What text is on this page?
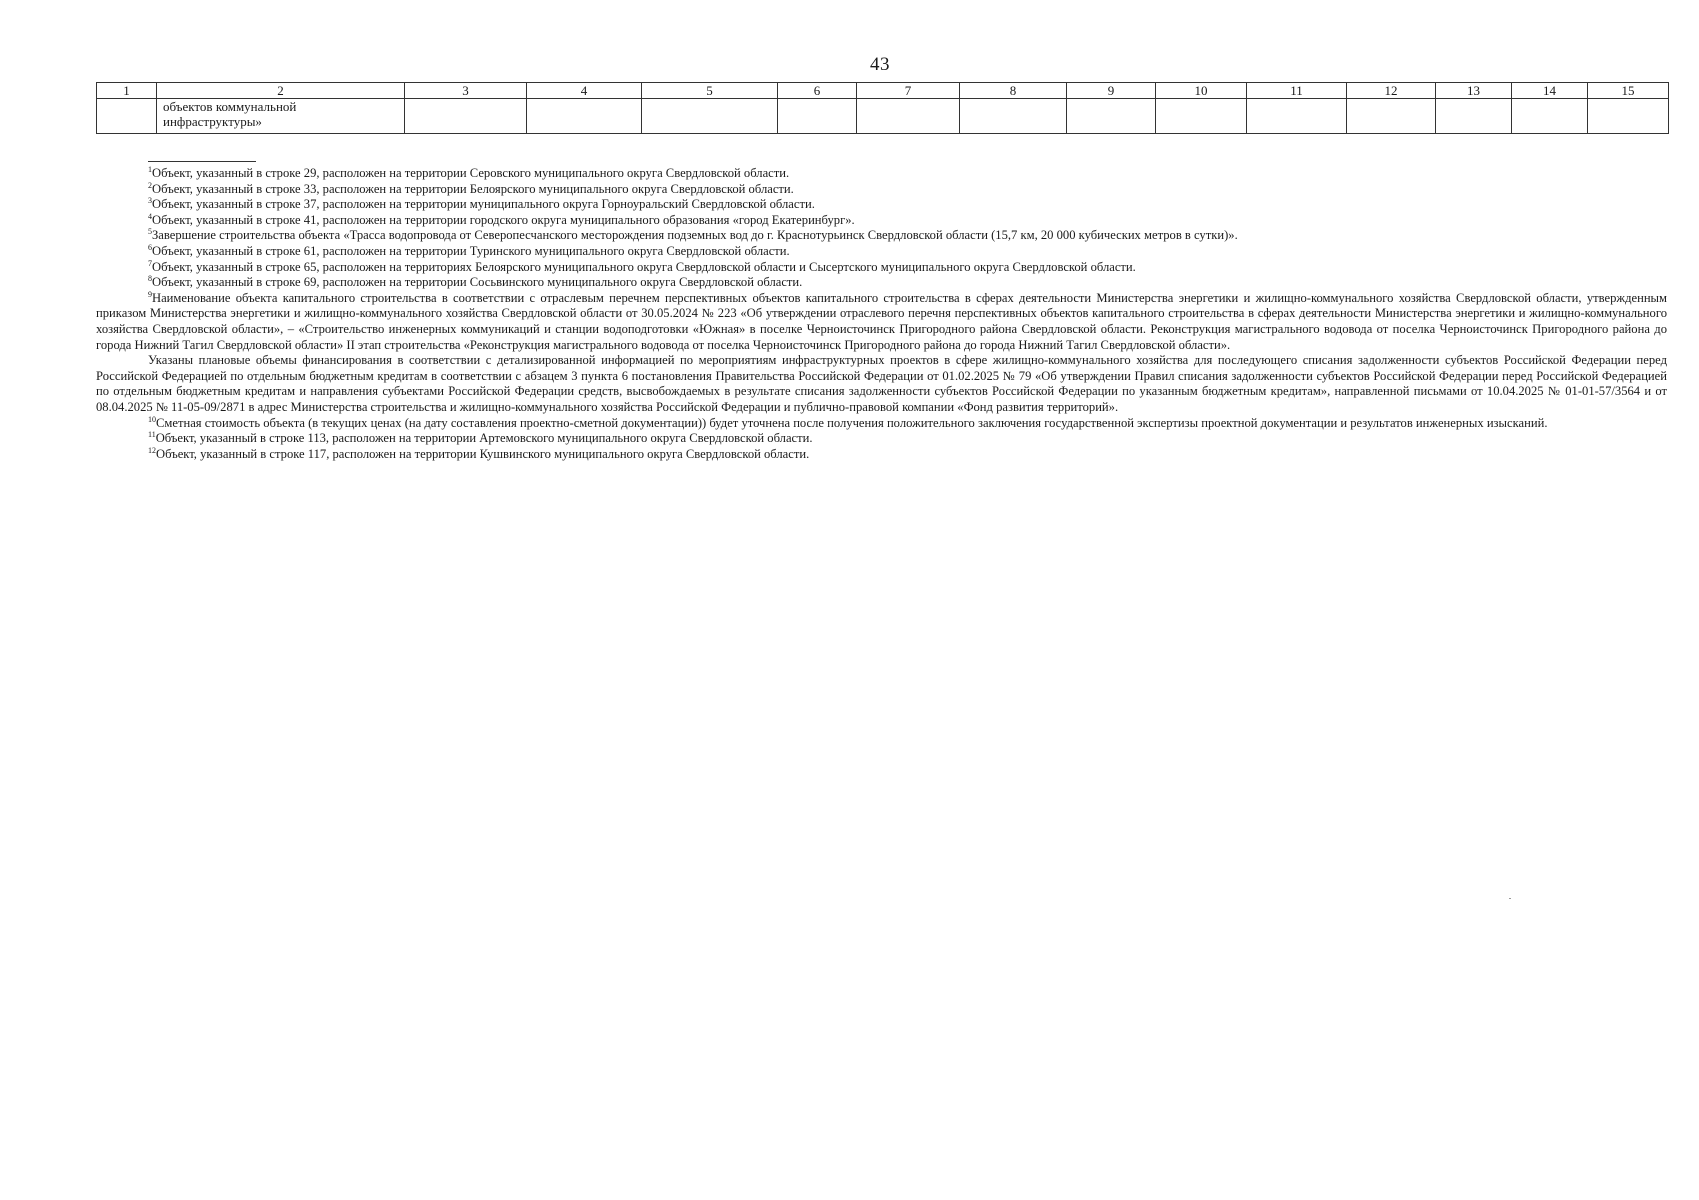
43
1	2	3	4	5	6	7	8	9	10	11	12	13	14	15
	объектов коммунальной инфраструктуры»													

$^1$Объект, указанный в строке 29, расположен на территории Серовского муниципального округа Свердловской области.

$^2$Объект, указанный в строке 33, расположен на территории Белоярского муниципального округа Свердловской области.

$^3$Объект, указанный в строке 37, расположен на территории муниципального округа Горноуральский Свердловской области.

$^4$Объект, указанный в строке 41, расположен на территории городского округа муниципального образования «город Екатеринбург».

$^5$Завершение строительства объекта «Трасса водопровода от Северопесчанского месторождения подземных вод до г. Краснотурьинск Свердловской области (15,7 км, 20 000 кубических метров в сутки)».

$^6$Объект, указанный в строке 61, расположен на территории Туринского муниципального округа Свердловской области.

$^7$Объект, указанный в строке 65, расположен на территориях Белоярского муниципального округа Свердловской области и Сысертского муниципального округа Свердловской области.

$^8$Объект, указанный в строке 69, расположен на территории Сосьвинского муниципального округа Свердловской области.

$^9$Наименование объекта капитального строительства в соответствии с отраслевым перечнем перспективных объектов капитального строительства в сферах деятельности Министерства энергетики и жилищно-коммунального хозяйства Свердловской области, утвержденным приказом Министерства энергетики и жилищно-коммунального хозяйства Свердловской области от 30.05.2024 № 223 «Об утверждении отраслевого перечня перспективных объектов капитального строительства в сферах деятельности Министерства энергетики и жилищно-коммунального хозяйства Свердловской области», – «Строительство инженерных коммуникаций и станции водоподготовки «Южная» в поселке Черноисточинск Пригородного района Свердловской области. Реконструкция магистрального водовода от поселка Черноисточинск Пригородного района до города Нижний Тагил Свердловской области» II этап строительства «Реконструкция магистрального водовода от поселка Черноисточинск Пригородного района до города Нижний Тагил Свердловской области».

Указаны плановые объемы финансирования в соответствии с детализированной информацией по мероприятиям инфраструктурных проектов в сфере жилищно-коммунального хозяйства для последующего списания задолженности субъектов Российской Федерации перед Российской Федерацией по отдельным бюджетным кредитам в соответствии с абзацем 3 пункта 6 постановления Правительства Российской Федерации от 01.02.2025 № 79 «Об утверждении Правил списания задолженности субъектов Российской Федерации перед Российской Федерацией по отдельным бюджетным кредитам и направления субъектами Российской Федерации средств, высвобождаемых в результате списания задолженности субъектов Российской Федерации по указанным бюджетным кредитам», направленной письмами от 10.04.2025 № 01-01-57/3564 и от 08.04.2025 № 11-05-09/2871 в адрес Министерства строительства и жилищно-коммунального хозяйства Российской Федерации и публично-правовой компании «Фонд развития территорий».

$^{10}$Сметная стоимость объекта (в текущих ценах (на дату составления проектно-сметной документации)) будет уточнена после получения положительного заключения государственной экспертизы проектной документации и результатов инженерных изысканий.

$^{11}$Объект, указанный в строке 113, расположен на территории Артемовского муниципального округа Свердловской области.

$^{12}$Объект, указанный в строке 117, расположен на территории Кушвинского муниципального округа Свердловской области.
